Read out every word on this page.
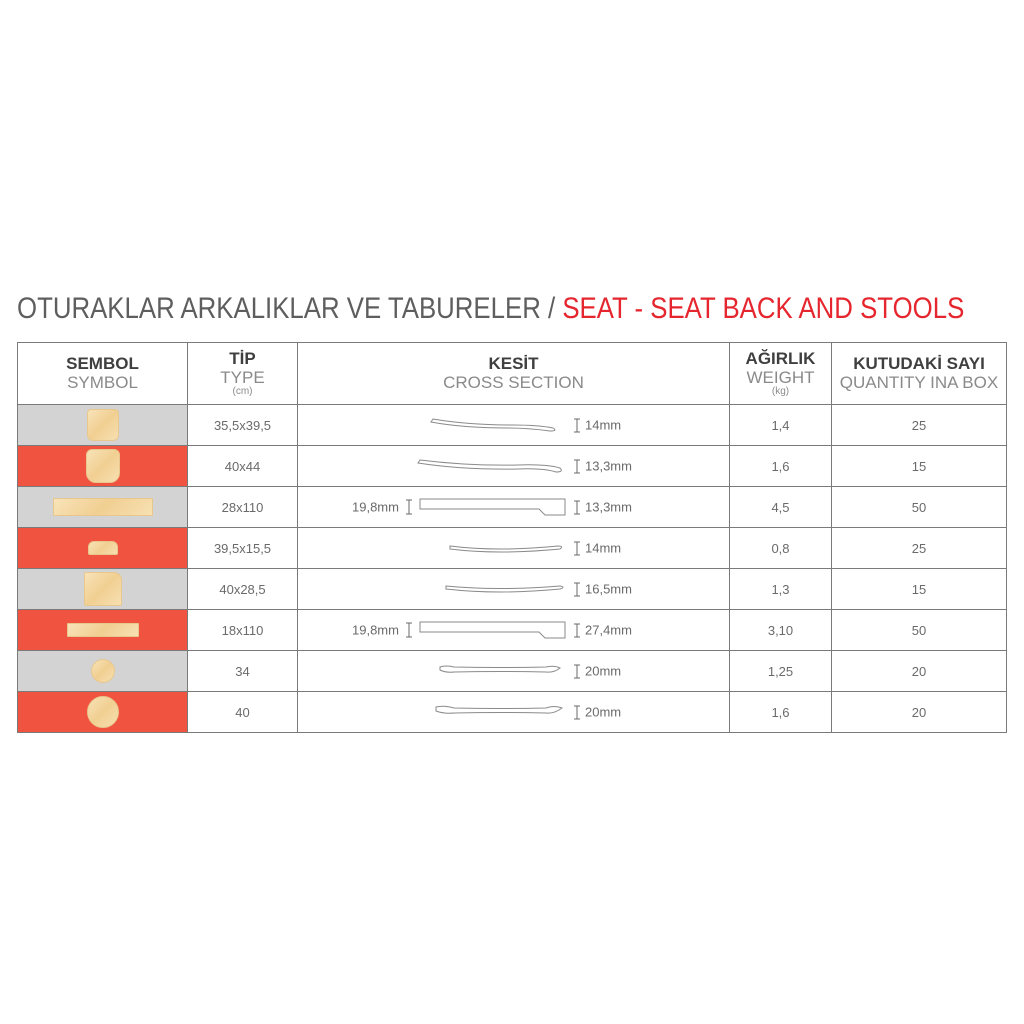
OTURAKLAR ARKALIKLAR VE TABURELER / SEAT - SEAT BACK AND STOOLS
SEMBOL
SYMBOL	TİP
TYPE
(cm)	KESİT
CROSS SECTION	AĞIRLIK
WEIGHT
(kg)	KUTUDAKİ SAYI
QUANTITY INA BOX

	35,5x39,5	14mm	1,4	25

	40x44	13,3mm	1,6	15

	28x110	19,8mm 13,3mm	4,5	50

	39,5x15,5	14mm	0,8	25

	40x28,5	16,5mm	1,3	15

	18x110	19,8mm 27,4mm	3,10	50

	34	20mm	1,25	20

	40	20mm	1,6	20
